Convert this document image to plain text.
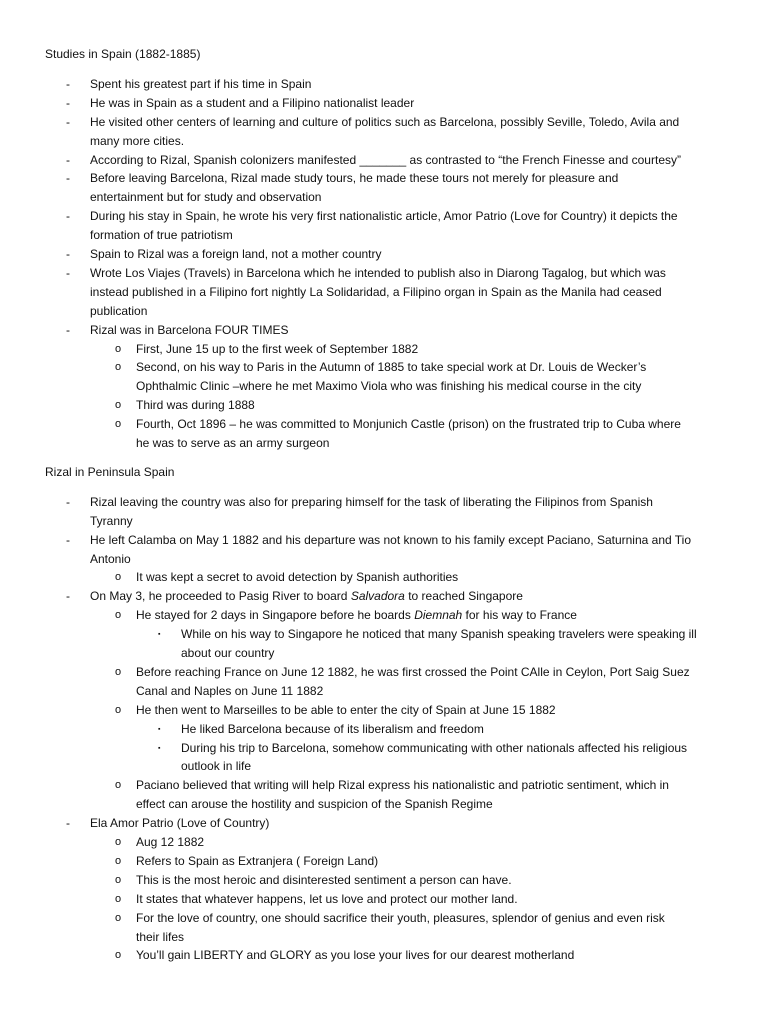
Studies in Spain (1882-1885)
- Spent his greatest part if his time in Spain
- He was in Spain as a student and a Filipino nationalist leader
- He visited other centers of learning and culture of politics such as Barcelona, possibly Seville, Toledo, Avila and
many more cities.
- According to Rizal, Spanish colonizers manifested _______ as contrasted to “the French Finesse and courtesy”
- Before leaving Barcelona, Rizal made study tours, he made these tours not merely for pleasure and
entertainment but for study and observation
- During his stay in Spain, he wrote his very first nationalistic article, Amor Patrio (Love for Country) it depicts the
formation of true patriotism
- Spain to Rizal was a foreign land, not a mother country
- Wrote Los Viajes (Travels) in Barcelona which he intended to publish also in Diarong Tagalog, but which was
instead published in a Filipino fort nightly La Solidaridad, a Filipino organ in Spain as the Manila had ceased
publication
- Rizal was in Barcelona FOUR TIMES
o First, June 15 up to the first week of September 1882
o Second, on his way to Paris in the Autumn of 1885 to take special work at Dr. Louis de Wecker’s
Ophthalmic Clinic –where he met Maximo Viola who was finishing his medical course in the city
o Third was during 1888
o Fourth, Oct 1896 – he was committed to Monjunich Castle (prison) on the frustrated trip to Cuba where
he was to serve as an army surgeon
Rizal in Peninsula Spain
- Rizal leaving the country was also for preparing himself for the task of liberating the Filipinos from Spanish
Tyranny
- He left Calamba on May 1 1882 and his departure was not known to his family except Paciano, Saturnina and Tio
Antonio
o It was kept a secret to avoid detection by Spanish authorities
- On May 3, he proceeded to Pasig River to board Salvadora to reached Singapore
o He stayed for 2 days in Singapore before he boards Diemnah for his way to France
▪ While on his way to Singapore he noticed that many Spanish speaking travelers were speaking ill
about our country
o Before reaching France on June 12 1882, he was first crossed the Point CAlle in Ceylon, Port Saig Suez
Canal and Naples on June 11 1882
o He then went to Marseilles to be able to enter the city of Spain at June 15 1882
▪ He liked Barcelona because of its liberalism and freedom
▪ During his trip to Barcelona, somehow communicating with other nationals affected his religious
outlook in life
o Paciano believed that writing will help Rizal express his nationalistic and patriotic sentiment, which in
effect can arouse the hostility and suspicion of the Spanish Regime
- Ela Amor Patrio (Love of Country)
o Aug 12 1882
o Refers to Spain as Extranjera ( Foreign Land)
o This is the most heroic and disinterested sentiment a person can have.
o It states that whatever happens, let us love and protect our mother land.
o For the love of country, one should sacrifice their youth, pleasures, splendor of genius and even risk
their lifes
o You’ll gain LIBERTY and GLORY as you lose your lives for our dearest motherland
